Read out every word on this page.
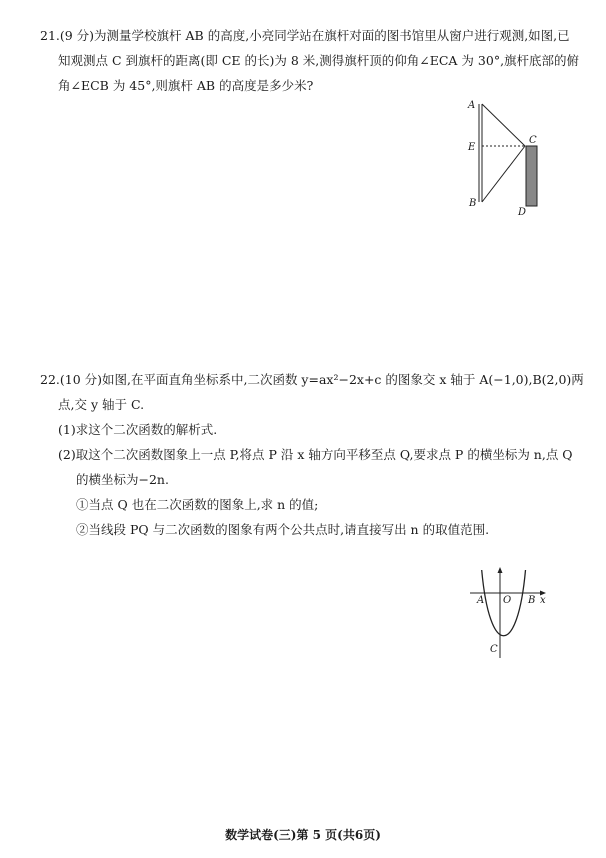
21.(9 分)为测量学校旗杆 AB 的高度,小亮同学站在旗杆对面的图书馆里从窗户进行观测,如图,已
知观测点 C 到旗杆的距离(即 CE 的长)为 8 米,测得旗杆顶的仰角∠ECA 为 30°,旗杆底部的俯
角∠ECB 为 45°,则旗杆 AB 的高度是多少米?
A
E
B
C
D
22.(10 分)如图,在平面直角坐标系中,二次函数 y=ax²−2x+c 的图象交 x 轴于 A(−1,0),B(2,0)两
点,交 y 轴于 C.
(1)求这个二次函数的解析式.
(2)取这个二次函数图象上一点 P,将点 P 沿 x 轴方向平移至点 Q,要求点 P 的横坐标为 n,点 Q
的横坐标为−2n.
①当点 Q 也在二次函数的图象上,求 n 的值;
②当线段 PQ 与二次函数的图象有两个公共点时,请直接写出 n 的取值范围.
A O B x
C
数学试卷(三)第 5 页(共6页)
